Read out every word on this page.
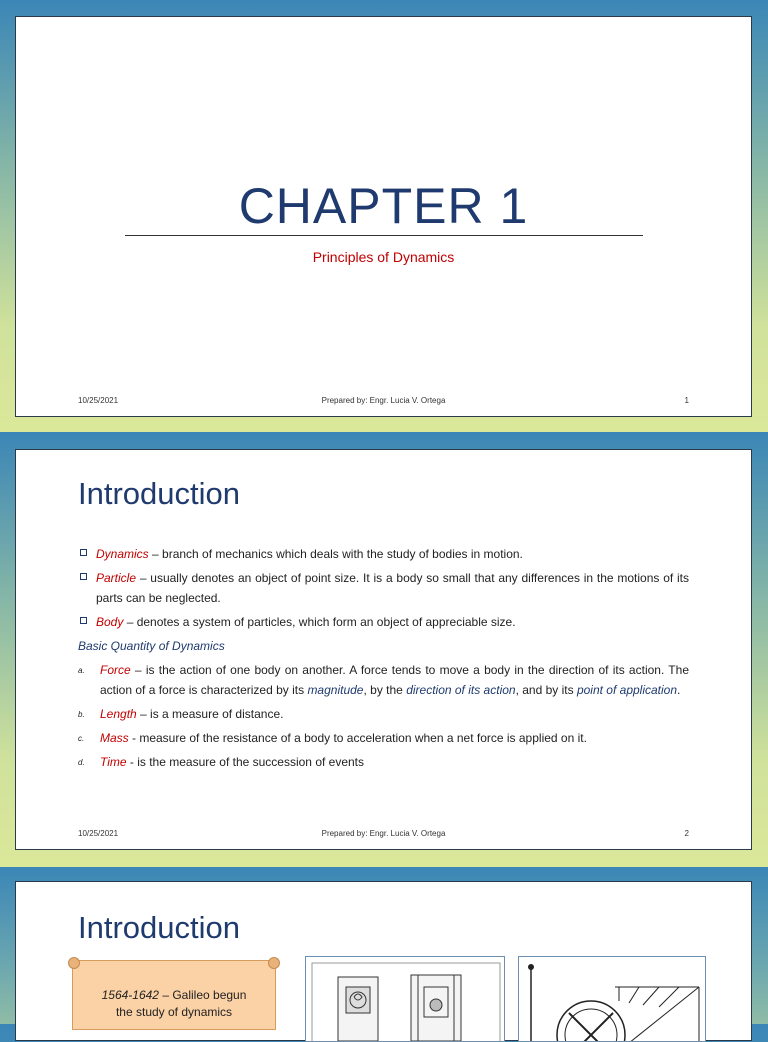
CHAPTER 1
Principles of Dynamics
10/25/2021	Prepared by: Engr. Lucia V. Ortega	1
Introduction
Dynamics – branch of mechanics which deals with the study of bodies in motion.
Particle – usually denotes an object of point size. It is a body so small that any differences in the motions of its parts can be neglected.
Body – denotes a system of particles, which form an object of appreciable size.
Basic Quantity of Dynamics
a. Force – is the action of one body on another. A force tends to move a body in the direction of its action. The action of a force is characterized by its magnitude, by the direction of its action, and by its point of application.
b. Length – is a measure of distance.
c. Mass - measure of the resistance of a body to acceleration when a net force is applied on it.
d. Time - is the measure of the succession of events
10/25/2021	Prepared by: Engr. Lucia V. Ortega	2
Introduction
1564-1642 – Galileo begun
the study of dynamics
